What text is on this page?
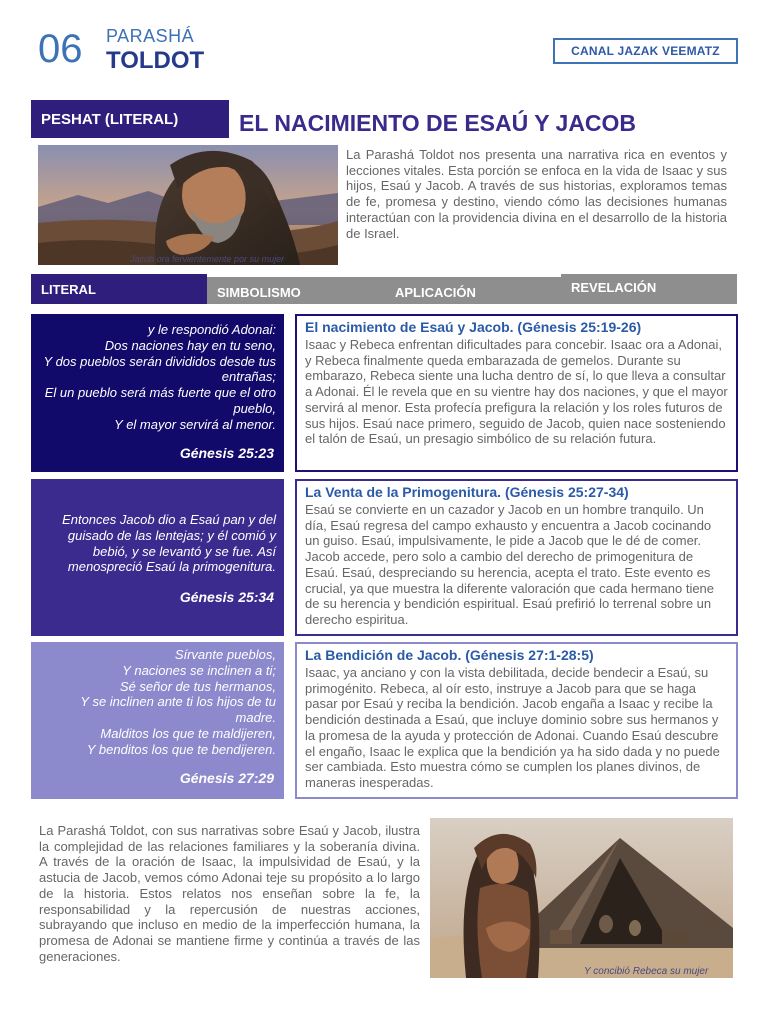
06 PARASHÁ
TOLDOT	CANAL JAZAK VEEMATZ
PESHAT (LITERAL)	EL NACIMIENTO DE ESAÚ Y JACOB
Jacob ora fervientemente por su mujer
La Parashá Toldot nos presenta una narrativa rica en eventos y lecciones vitales. Esta porción se enfoca en la vida de Isaac y sus hijos, Esaú y Jacob. A través de sus historias, exploramos temas de fe, promesa y destino, viendo cómo las decisiones humanas interactúan con la providencia divina en el desarrollo de la historia de Israel.
LITERAL	SIMBOLISMO	APLICACIÓN	REVELACIÓN
y le respondió Adonai:
Dos naciones hay en tu seno,
Y dos pueblos serán divididos desde tus entrañas;
El un pueblo será más fuerte que el otro pueblo,
Y el mayor servirá al menor.
Génesis 25:23
El nacimiento de Esaú y Jacob. (Génesis 25:19-26)

Isaac y Rebeca enfrentan dificultades para concebir. Isaac ora a Adonai, y Rebeca finalmente queda embarazada de gemelos. Durante su embarazo, Rebeca siente una lucha dentro de sí, lo que lleva a consultar a Adonai. Él le revela que en su vientre hay dos naciones, y que el mayor servirá al menor. Esta profecía prefigura la relación y los roles futuros de sus hijos. Esaú nace primero, seguido de Jacob, quien nace sosteniendo el talón de Esaú, un presagio simbólico de su relación futura.

Entonces Jacob dio a Esaú pan y del guisado de las lentejas; y él comió y bebió, y se levantó y se fue. Así menospreció Esaú la primogenitura.
Génesis 25:34
La Venta de la Primogenitura. (Génesis 25:27-34)

Esaú se convierte en un cazador y Jacob en un hombre tranquilo. Un día, Esaú regresa del campo exhausto y encuentra a Jacob cocinando un guiso. Esaú, impulsivamente, le pide a Jacob que le dé de comer. Jacob accede, pero solo a cambio del derecho de primogenitura de Esaú. Esaú, despreciando su herencia, acepta el trato. Este evento es crucial, ya que muestra la diferente valoración que cada hermano tiene de su herencia y bendición espiritual. Esaú prefirió lo terrenal sobre un derecho espiritua.

Sírvante pueblos,
Y naciones se inclinen a ti;
Sé señor de tus hermanos,
Y se inclinen ante ti los hijos de tu madre.
Malditos los que te maldijeren,
Y benditos los que te bendijeren.
Génesis 27:29
La Bendición de Jacob. (Génesis 27:1-28:5)

Isaac, ya anciano y con la vista debilitada, decide bendecir a Esaú, su primogénito. Rebeca, al oír esto, instruye a Jacob para que se haga pasar por Esaú y reciba la bendición. Jacob engaña a Isaac y recibe la bendición destinada a Esaú, que incluye dominio sobre sus hermanos y la promesa de la ayuda y protección de Adonai. Cuando Esaú descubre el engaño, Isaac le explica que la bendición ya ha sido dada y no puede ser cambiada. Esto muestra cómo se cumplen los planes divinos, de maneras inesperadas.

La Parashá Toldot, con sus narrativas sobre Esaú y Jacob, ilustra la complejidad de las relaciones familiares y la soberanía divina. A través de la oración de Isaac, la impulsividad de Esaú, y la astucia de Jacob, vemos cómo Adonai teje su propósito a lo largo de la historia. Estos relatos nos enseñan sobre la fe, la responsabilidad y la repercusión de nuestras acciones, subrayando que incluso en medio de la imperfección humana, la promesa de Adonai se mantiene firme y continúa a través de las generaciones.
Y concibió Rebeca su mujer
